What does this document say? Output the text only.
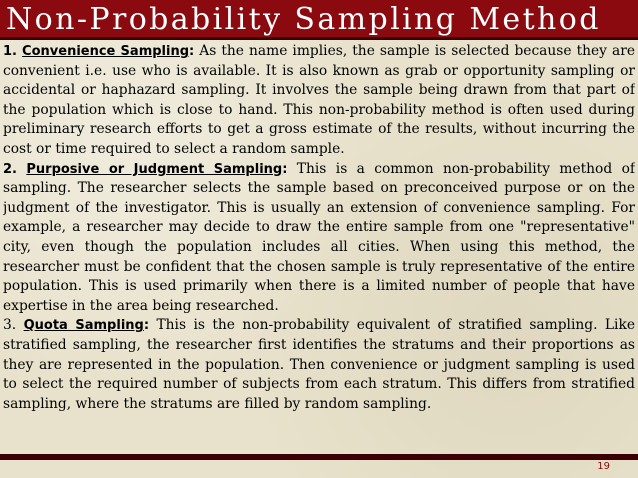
Non-Probability Sampling Method

1. Convenience Sampling: As the name implies, the sample is selected because they are convenient i.e. use who is available. It is also known as grab or opportunity sampling or accidental or haphazard sampling. It involves the sample being drawn from that part of the population which is close to hand. This non-probability method is often used during preliminary research efforts to get a gross estimate of the results, without incurring the cost or time required to select a random sample.

2. Purposive or Judgment Sampling: This is a common non-probability method of sampling. The researcher selects the sample based on preconceived purpose or on the judgment of the investigator. This is usually an extension of convenience sampling. For example, a researcher may decide to draw the entire sample from one "representative" city, even though the population includes all cities. When using this method, the researcher must be confident that the chosen sample is truly representative of the entire population. This is used primarily when there is a limited number of people that have expertise in the area being researched.

3. Quota Sampling: This is the non-probability equivalent of stratified sampling. Like stratified sampling, the researcher first identifies the stratums and their proportions as they are represented in the population. Then convenience or judgment sampling is used to select the required number of subjects from each stratum. This differs from stratified sampling, where the stratums are filled by random sampling.

19
